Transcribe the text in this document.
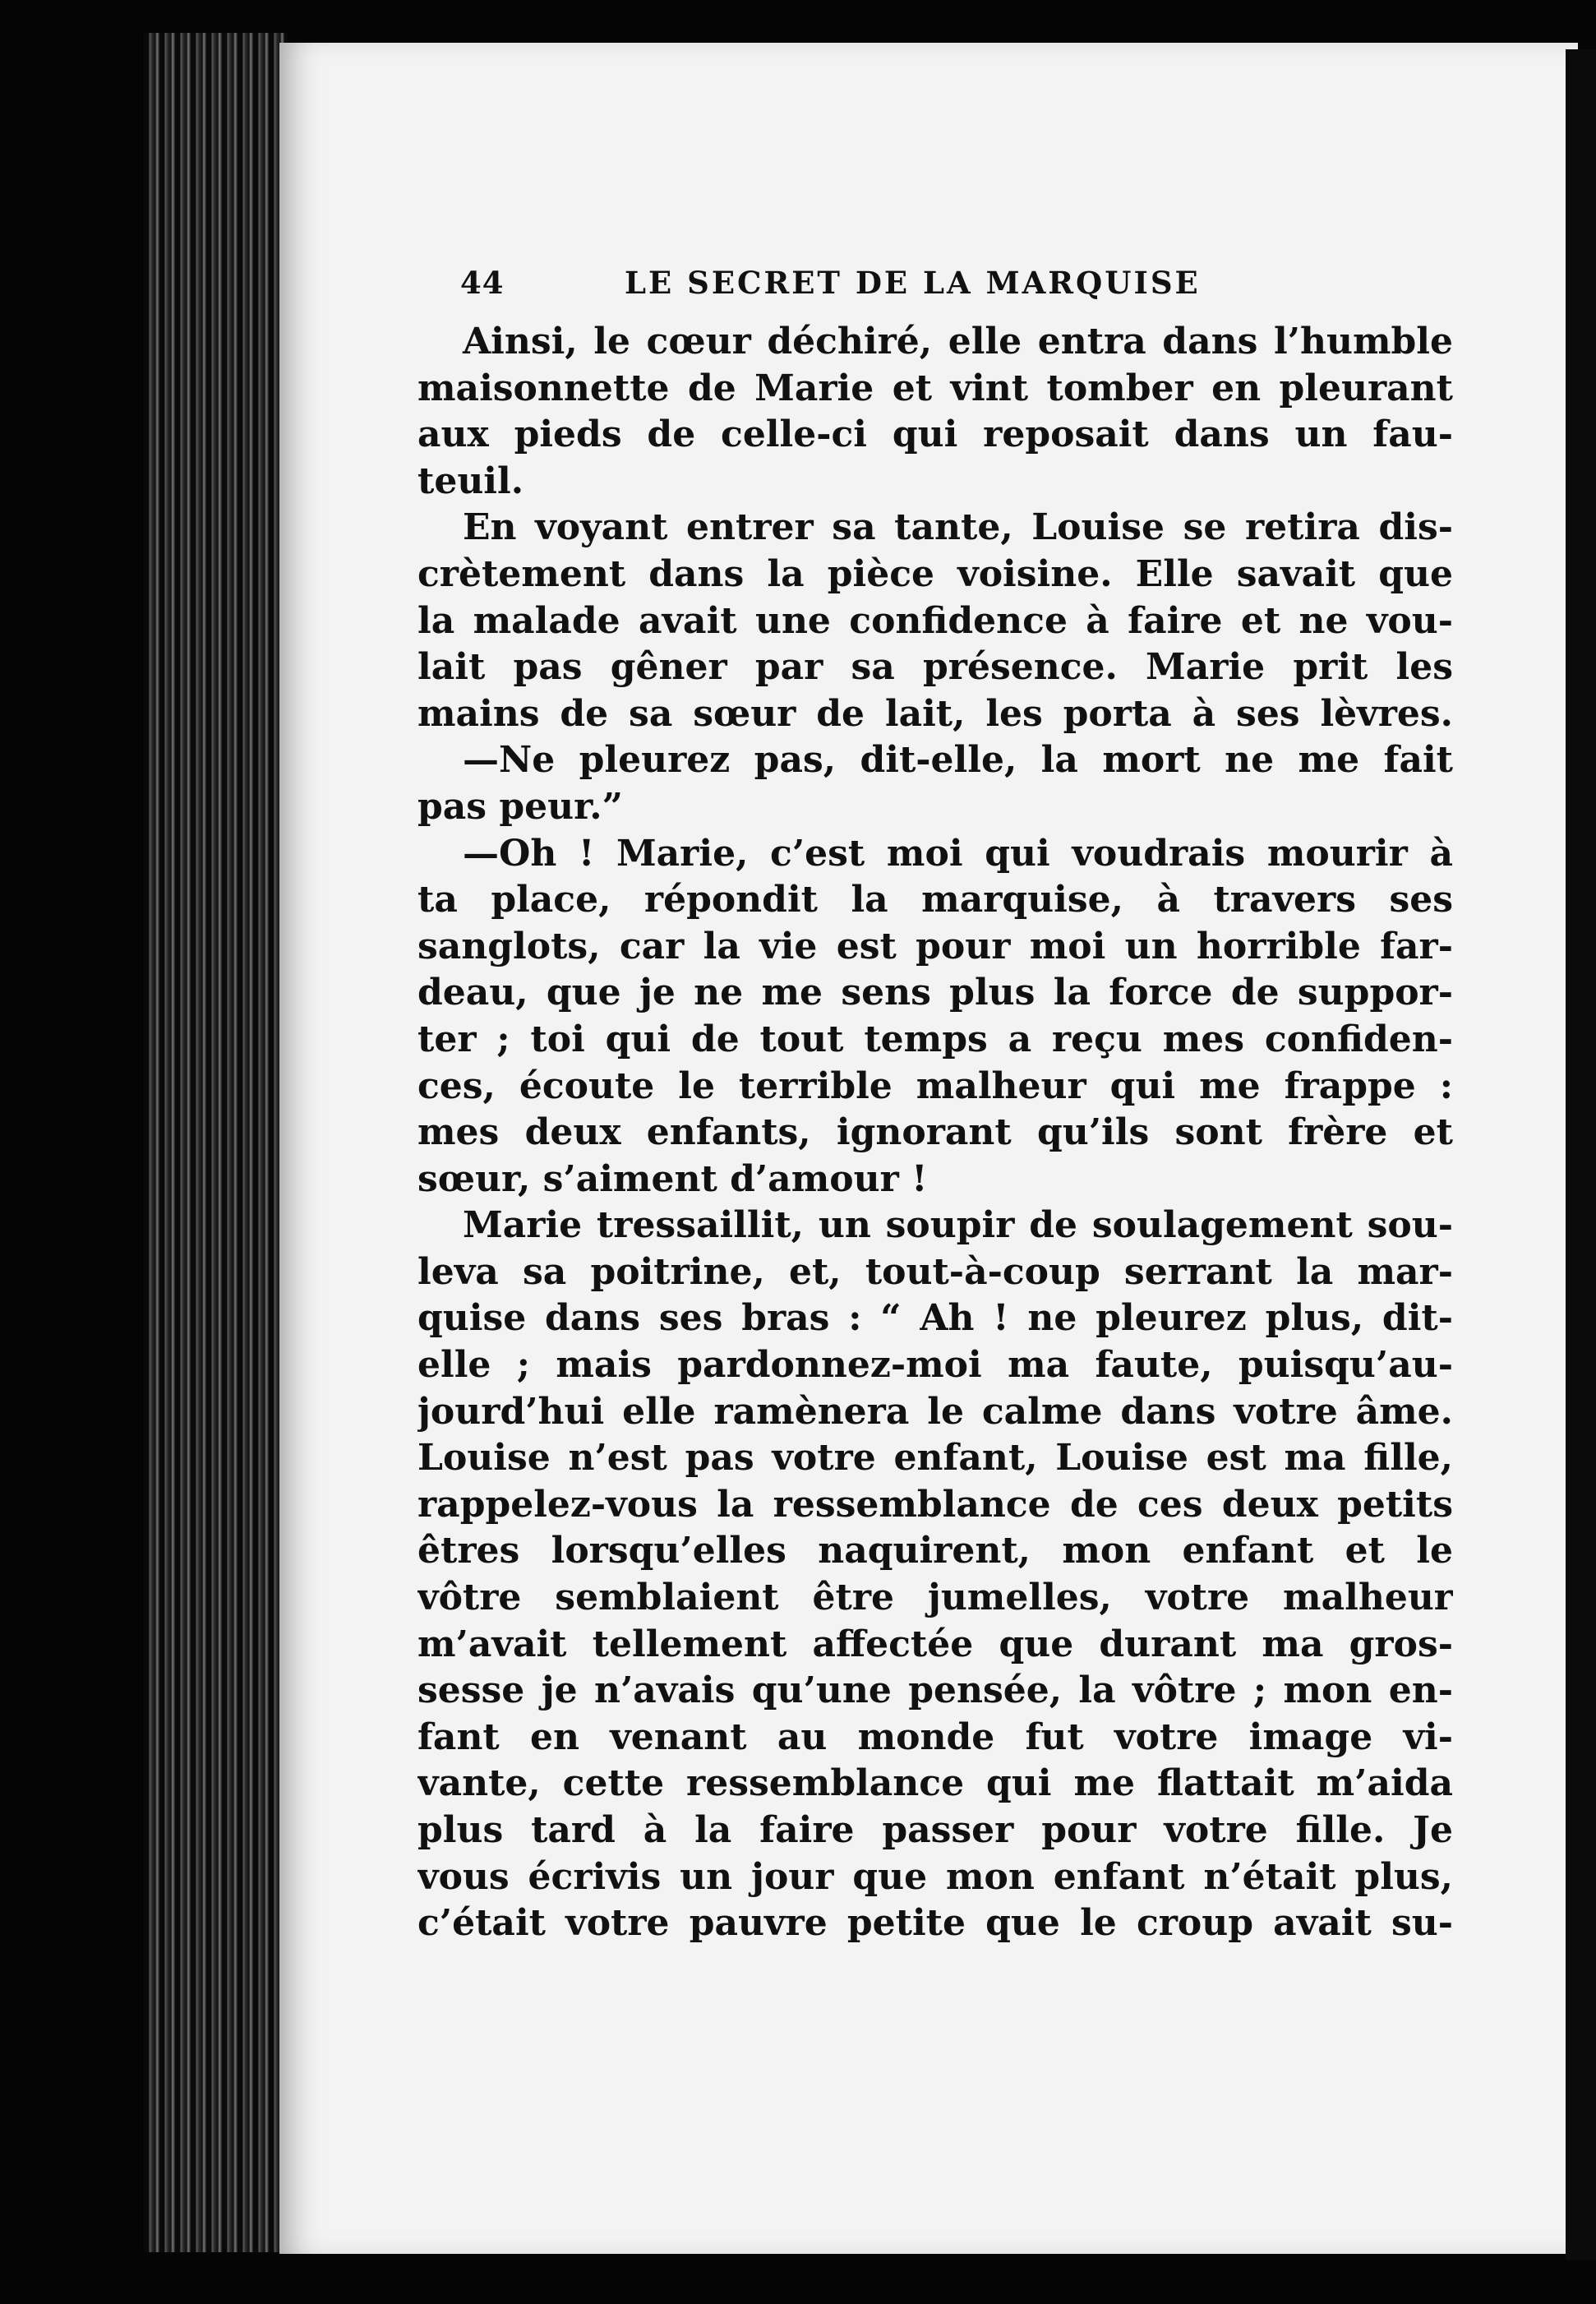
44	LE SECRET DE LA MARQUISE
Ainsi, le cœur déchiré, elle entra dans l’humble
maisonnette de Marie et vint tomber en pleurant
aux pieds de celle-ci qui reposait dans un fau-
teuil.
En voyant entrer sa tante, Louise se retira dis-
crètement dans la pièce voisine. Elle savait que
la malade avait une confidence à faire et ne vou-
lait pas gêner par sa présence. Marie prit les
mains de sa sœur de lait, les porta à ses lèvres.
—Ne pleurez pas, dit-elle, la mort ne me fait
pas peur.”
—Oh ! Marie, c’est moi qui voudrais mourir à
ta place, répondit la marquise, à travers ses
sanglots, car la vie est pour moi un horrible far-
deau, que je ne me sens plus la force de suppor-
ter ; toi qui de tout temps a reçu mes confiden-
ces, écoute le terrible malheur qui me frappe :
mes deux enfants, ignorant qu’ils sont frère et
sœur, s’aiment d’amour !
Marie tressaillit, un soupir de soulagement sou-
leva sa poitrine, et, tout-à-coup serrant la mar-
quise dans ses bras : “ Ah ! ne pleurez plus, dit-
elle ; mais pardonnez-moi ma faute, puisqu’au-
jourd’hui elle ramènera le calme dans votre âme.
Louise n’est pas votre enfant, Louise est ma fille,
rappelez-vous la ressemblance de ces deux petits
êtres lorsqu’elles naquirent, mon enfant et le
vôtre semblaient être jumelles, votre malheur
m’avait tellement affectée que durant ma gros-
sesse je n’avais qu’une pensée, la vôtre ; mon en-
fant en venant au monde fut votre image vi-
vante, cette ressemblance qui me flattait m’aida
plus tard à la faire passer pour votre fille. Je
vous écrivis un jour que mon enfant n’était plus,
c’était votre pauvre petite que le croup avait su-
